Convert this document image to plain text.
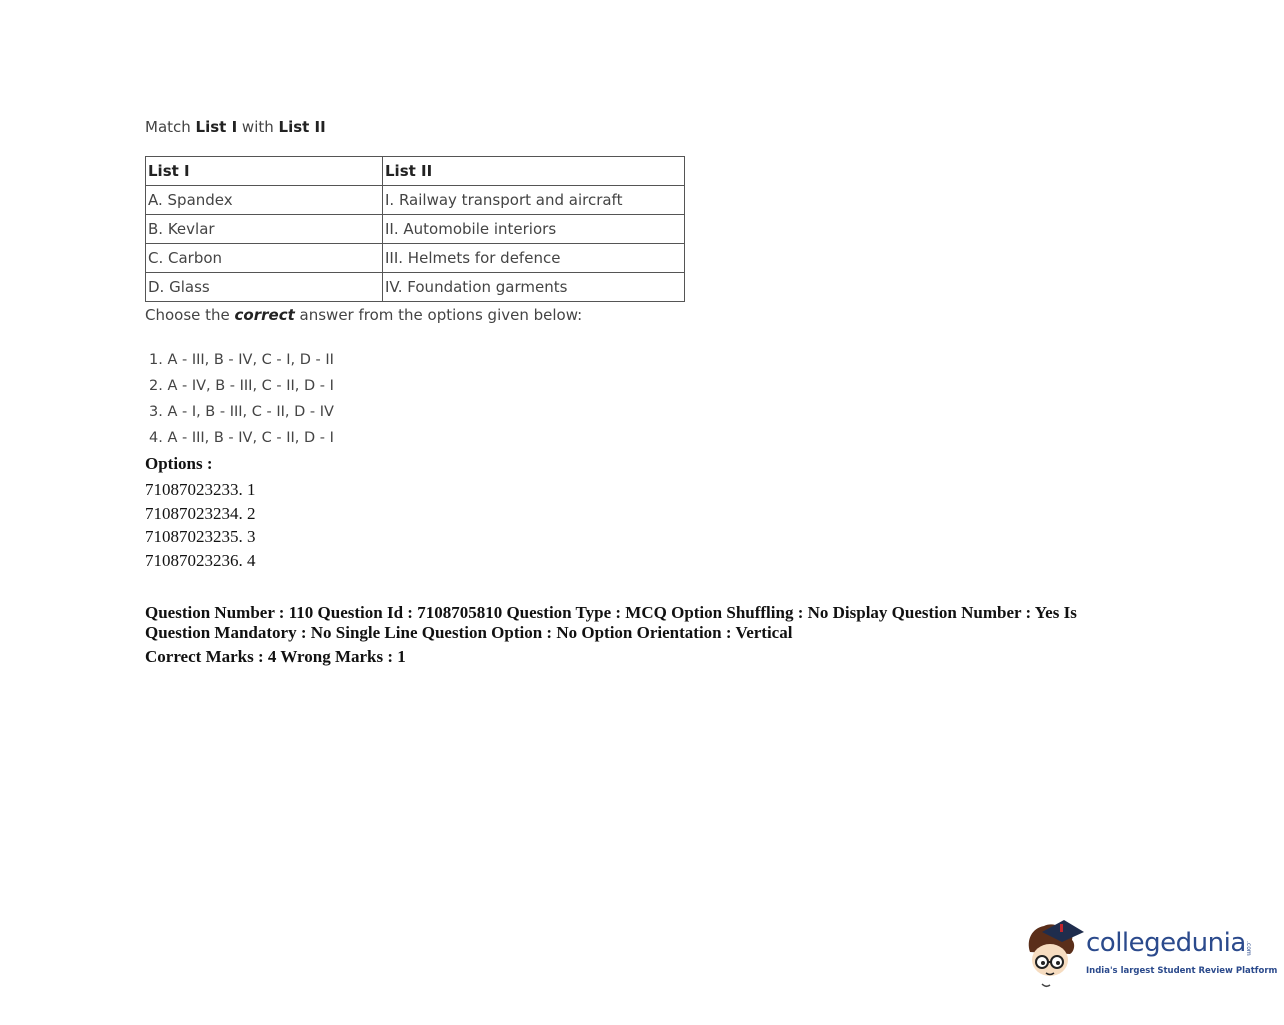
Match List I with List II

List I	List II
A. Spandex	I. Railway transport and aircraft
B. Kevlar	II. Automobile interiors
C. Carbon	III. Helmets for defence
D. Glass	IV. Foundation garments

Choose the correct answer from the options given below:

1. A - III, B - IV, C - I, D - II
2. A - IV, B - III, C - II, D - I
3. A - I, B - III, C - II, D - IV
4. A - III, B - IV, C - II, D - I

Options :

71087023233. 1
71087023234. 2
71087023235. 3
71087023236. 4

Question Number : 110 Question Id : 7108705810 Question Type : MCQ Option Shuffling : No Display Question Number : Yes Is Question Mandatory : No Single Line Question Option : No Option Orientation : Vertical

Correct Marks : 4 Wrong Marks : 1

collegedunia .com
India's largest Student Review Platform
